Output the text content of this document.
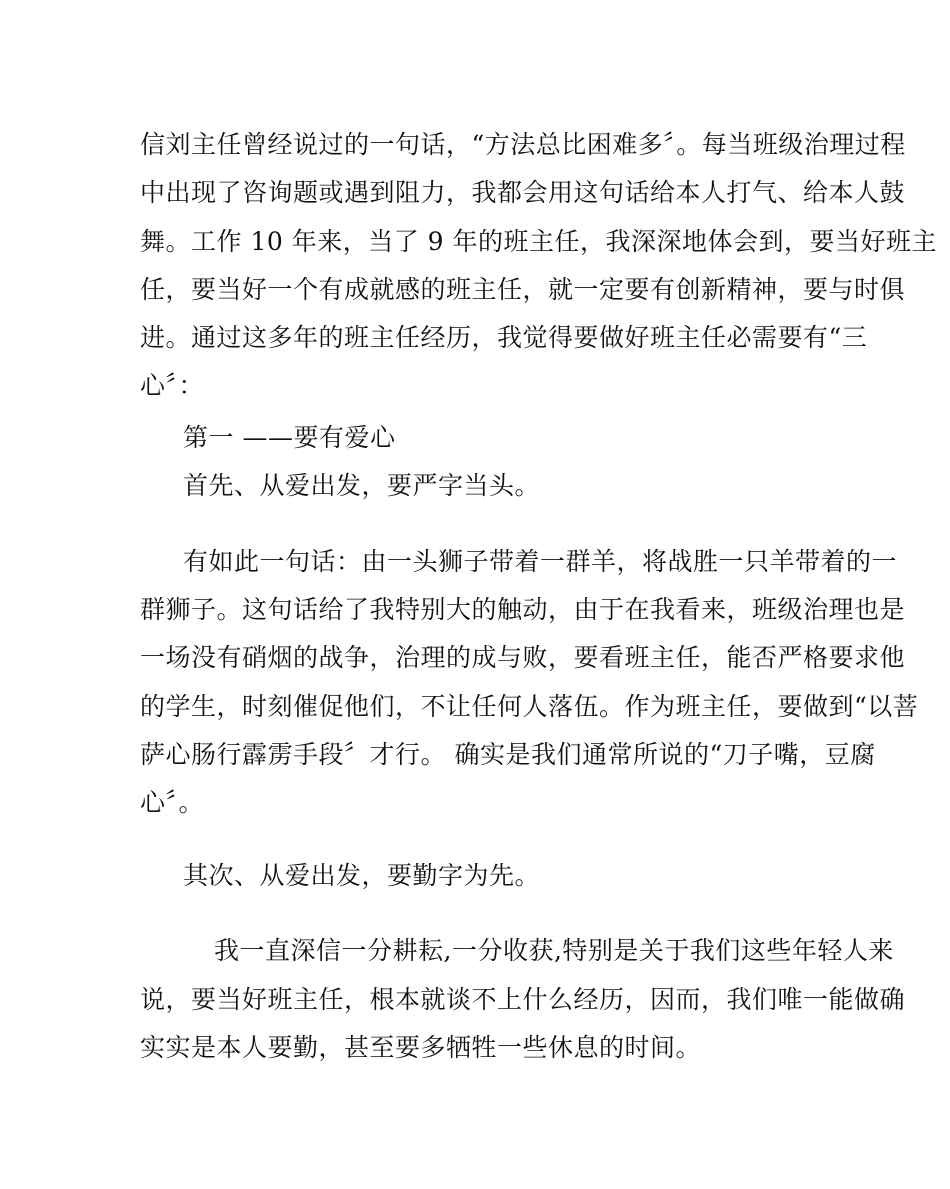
信刘主任曾经说过的一句话，“方法总比困难多〞。每当班级治理过程
中出现了咨询题或遇到阻力，我都会用这句话给本人打气、给本人鼓
舞。工作 10 年来，当了 9 年的班主任，我深深地体会到，要当好班主
任，要当好一个有成就感的班主任，就一定要有创新精神，要与时俱
进。通过这多年的班主任经历，我觉得要做好班主任必需要有“三
心〞：
第一 ——要有爱心
首先、从爱出发，要严字当头。
有如此一句话：由一头狮子带着一群羊，将战胜一只羊带着的一
群狮子。这句话给了我特别大的触动，由于在我看来，班级治理也是
一场没有硝烟的战争，治理的成与败，要看班主任，能否严格要求他
的学生，时刻催促他们，不让任何人落伍。作为班主任，要做到“以菩
萨心肠行霹雳手段〞才行。 确实是我们通常所说的“刀子嘴，豆腐
心〞。
其次、从爱出发，要勤字为先。
我一直深信一分耕耘,一分收获,特别是关于我们这些年轻人来
说，要当好班主任，根本就谈不上什么经历，因而，我们唯一能做确
实实是本人要勤，甚至要多牺牲一些休息的时间。
